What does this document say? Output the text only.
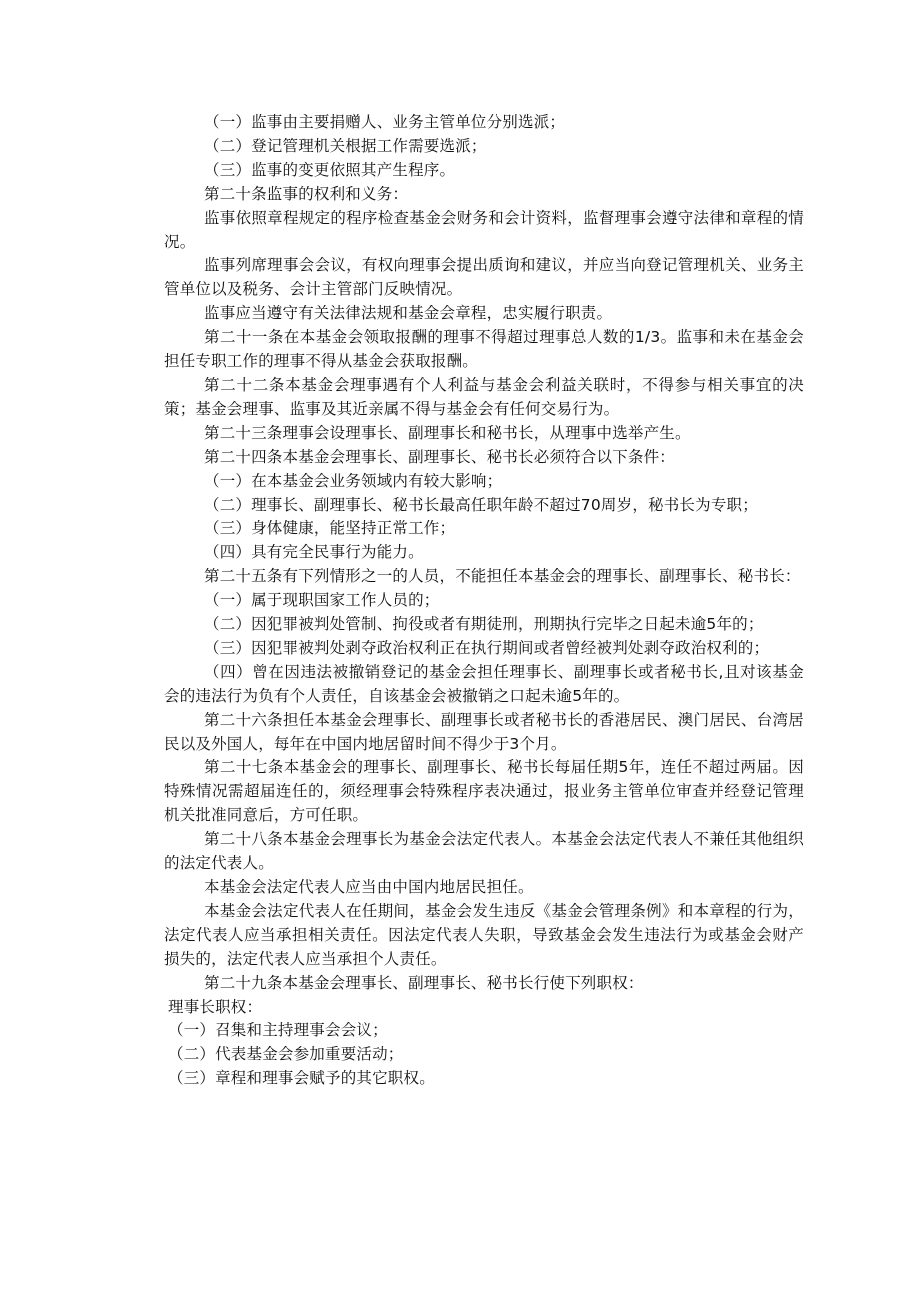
（一）监事由主要捐赠人、业务主管单位分别选派；

（二）登记管理机关根据工作需要选派；

（三）监事的变更依照其产生程序。

第二十条监事的权利和义务：

监事依照章程规定的程序检查基金会财务和会计资料，监督理事会遵守法律和章程的情况。

监事列席理事会会议，有权向理事会提出质询和建议，并应当向登记管理机关、业务主管单位以及税务、会计主管部门反映情况。

监事应当遵守有关法律法规和基金会章程，忠实履行职责。

第二十一条在本基金会领取报酬的理事不得超过理事总人数的1/3。监事和未在基金会担任专职工作的理事不得从基金会获取报酬。

第二十二条本基金会理事遇有个人利益与基金会利益关联时，不得参与相关事宜的决策；基金会理事、监事及其近亲属不得与基金会有任何交易行为。

第二十三条理事会设理事长、副理事长和秘书长，从理事中选举产生。

第二十四条本基金会理事长、副理事长、秘书长必须符合以下条件：

（一）在本基金会业务领域内有较大影响；

（二）理事长、副理事长、秘书长最高任职年龄不超过70周岁，秘书长为专职；

（三）身体健康，能坚持正常工作；

（四）具有完全民事行为能力。

第二十五条有下列情形之一的人员，不能担任本基金会的理事长、副理事长、秘书长：

（一）属于现职国家工作人员的；

（二）因犯罪被判处管制、拘役或者有期徒刑，刑期执行完毕之日起未逾5年的；

（三）因犯罪被判处剥夺政治权利正在执行期间或者曾经被判处剥夺政治权利的；

（四）曾在因违法被撤销登记的基金会担任理事长、副理事长或者秘书长,且对该基金会的违法行为负有个人责任，自该基金会被撤销之口起未逾5年的。

第二十六条担任本基金会理事长、副理事长或者秘书长的香港居民、澳门居民、台湾居民以及外国人，每年在中国内地居留时间不得少于3个月。

第二十七条本基金会的理事长、副理事长、秘书长每届任期5年，连任不超过两届。因特殊情况需超届连任的，须经理事会特殊程序表决通过，报业务主管单位审查并经登记管理机关批准同意后，方可任职。

第二十八条本基金会理事长为基金会法定代表人。本基金会法定代表人不兼任其他组织的法定代表人。

本基金会法定代表人应当由中国内地居民担任。

本基金会法定代表人在任期间，基金会发生违反《基金会管理条例》和本章程的行为，法定代表人应当承担相关责任。因法定代表人失职，导致基金会发生违法行为或基金会财产损失的，法定代表人应当承担个人责任。

第二十九条本基金会理事长、副理事长、秘书长行使下列职权：

理事长职权：

（一）召集和主持理事会会议；

（二）代表基金会参加重要活动；

（三）章程和理事会赋予的其它职权。
